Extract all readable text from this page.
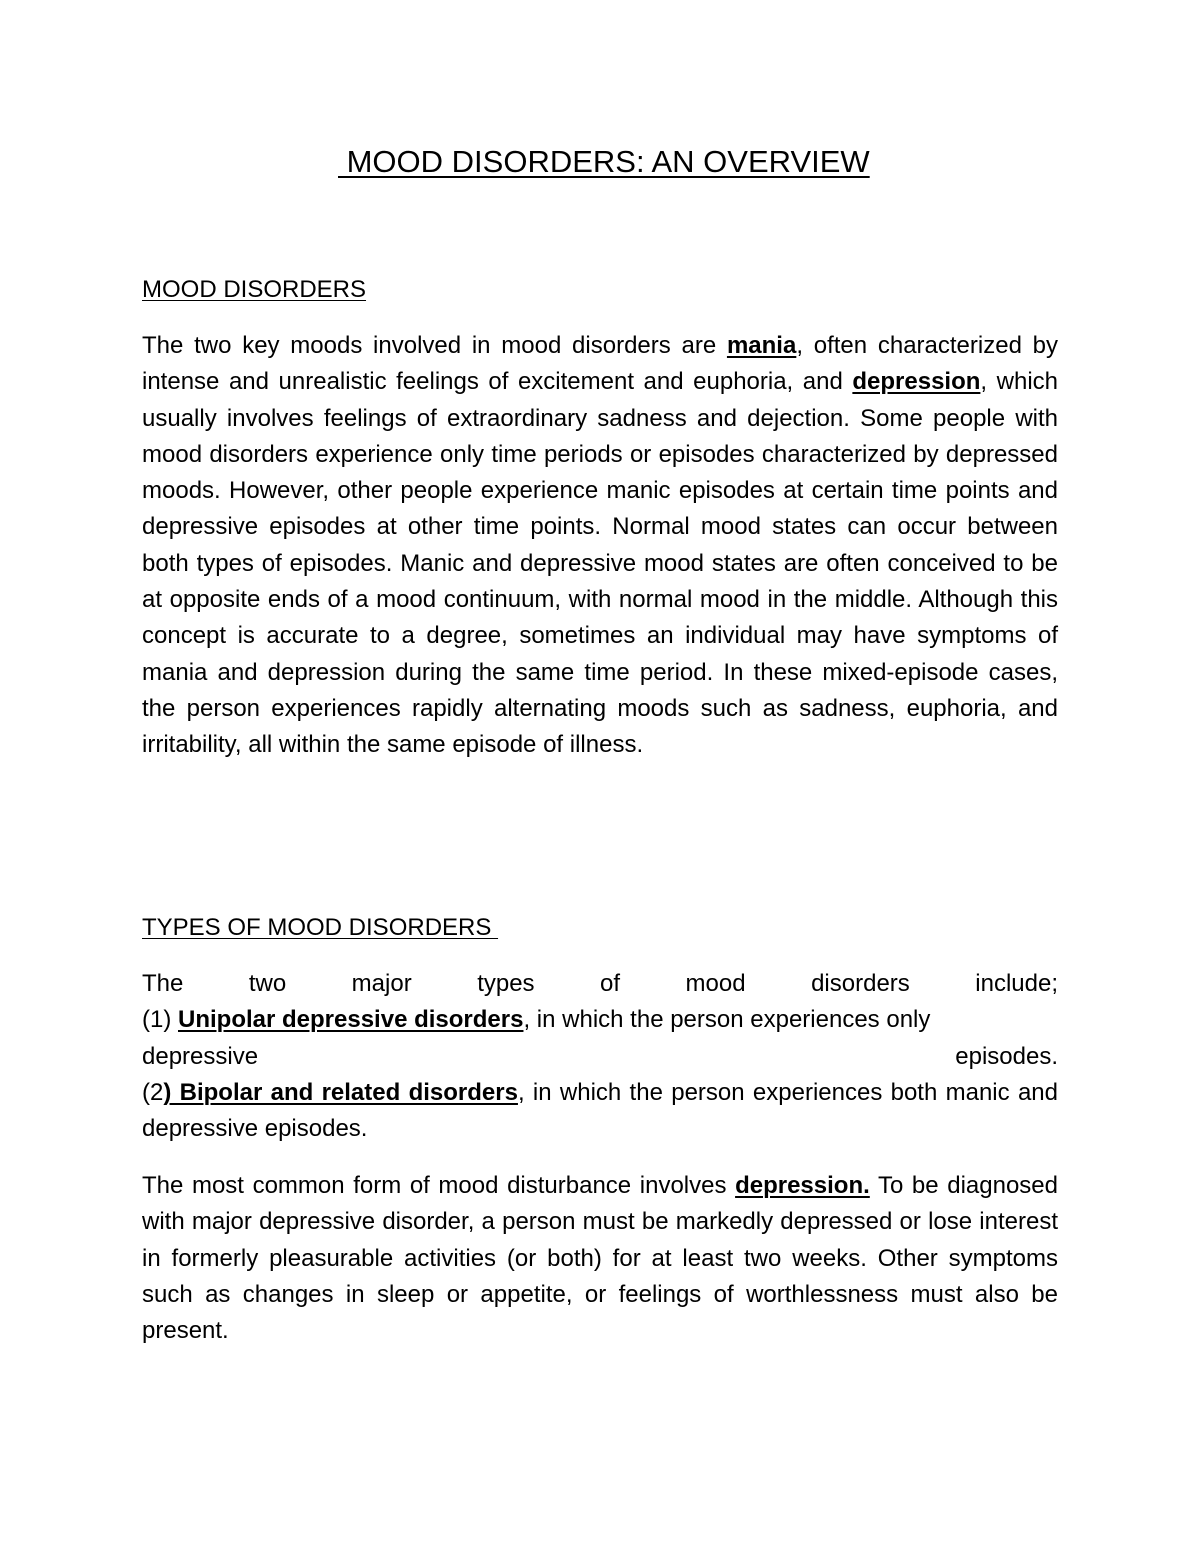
MOOD DISORDERS: AN OVERVIEW
MOOD DISORDERS

The two key moods involved in mood disorders are mania, often characterized by intense and unrealistic feelings of excitement and euphoria, and depression, which usually involves feelings of extraordinary sadness and dejection. Some people with mood disorders experience only time periods or episodes characterized by depressed moods. However, other people experience manic episodes at certain time points and depressive episodes at other time points. Normal mood states can occur between both types of episodes. Manic and depressive mood states are often conceived to be at opposite ends of a mood continuum, with normal mood in the middle. Although this concept is accurate to a degree, sometimes an individual may have symptoms of mania and depression during the same time period. In these mixed-episode cases, the person experiences rapidly alternating moods such as sadness, euphoria, and irritability, all within the same episode of illness.

TYPES OF MOOD DISORDERS
The two major types of mood disorders include;
(1) Unipolar depressive disorders, in which the person experiences only
depressive episodes.
(2) Bipolar and related disorders, in which the person experiences both manic and depressive episodes.

The most common form of mood disturbance involves depression. To be diagnosed with major depressive disorder, a person must be markedly depressed or lose interest in formerly pleasurable activities (or both) for at least two weeks. Other symptoms such as changes in sleep or appetite, or feelings of worthlessness must also be present.
